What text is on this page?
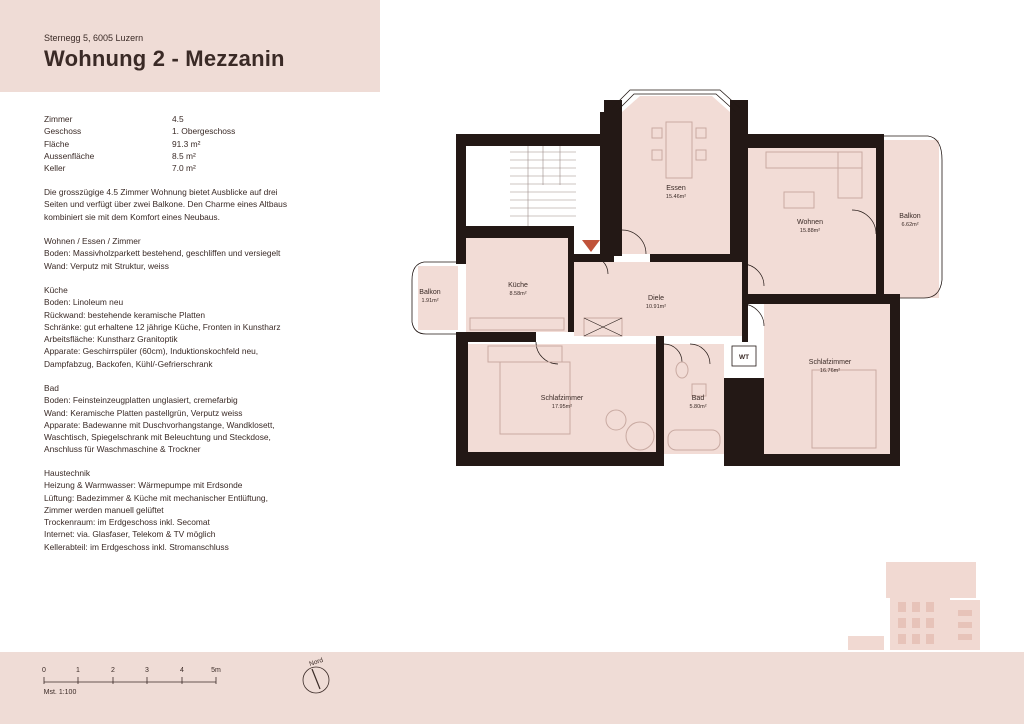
Sternegg 5, 6005 Luzern
Wohnung 2 - Mezzanin
Zimmer	4.5
Geschoss	1. Obergeschoss
Fläche	91.3 m²
Aussenfläche	8.5 m²
Keller	7.0 m²

Die grosszügige 4.5 Zimmer Wohnung bietet Ausblicke auf drei

Seiten und verfügt über zwei Balkone. Den Charme eines Altbaus

kombiniert sie mit dem Komfort eines Neubaus.

Wohnen / Essen / Zimmer

Boden: Massivholzparkett bestehend, geschliffen und versiegelt

Wand: Verputz mit Struktur, weiss

Küche

Boden: Linoleum neu

Rückwand: bestehende keramische Platten

Schränke: gut erhaltene 12 jährige Küche, Fronten in Kunstharz

Arbeitsfläche: Kunstharz Granitoptik

Apparate: Geschirrspüler (60cm), Induktionskochfeld neu,

Dampfabzug, Backofen, Kühl/-Gefrierschrank

Bad

Boden: Feinsteinzeugplatten unglasiert, cremefarbig

Wand: Keramische Platten pastellgrün, Verputz weiss

Apparate: Badewanne mit Duschvorhangstange, Wandklosett,

Waschtisch, Spiegelschrank mit Beleuchtung und Steckdose,

Anschluss für Waschmaschine & Trockner

Haustechnik

Heizung & Warmwasser: Wärmepumpe mit Erdsonde

Lüftung: Badezimmer & Küche mit mechanischer Entlüftung,

Zimmer werden manuell gelüftet

Trockenraum: im Erdgeschoss inkl. Secomat

Internet: via. Glasfaser, Telekom & TV möglich

Kellerabteil: im Erdgeschoss inkl. Stromanschluss

Essen
15.46m²
Wohnen
15.88m²
Balkon
6.62m²
Balkon
1.91m²
Küche
8.58m²
Diele
10.91m²
Schlafzimmer
17.95m²
Bad
5.80m²
Schlafzimmer
16.76m²
WT
0	1	2	3	4	5m
Mst. 1:100
Nord
